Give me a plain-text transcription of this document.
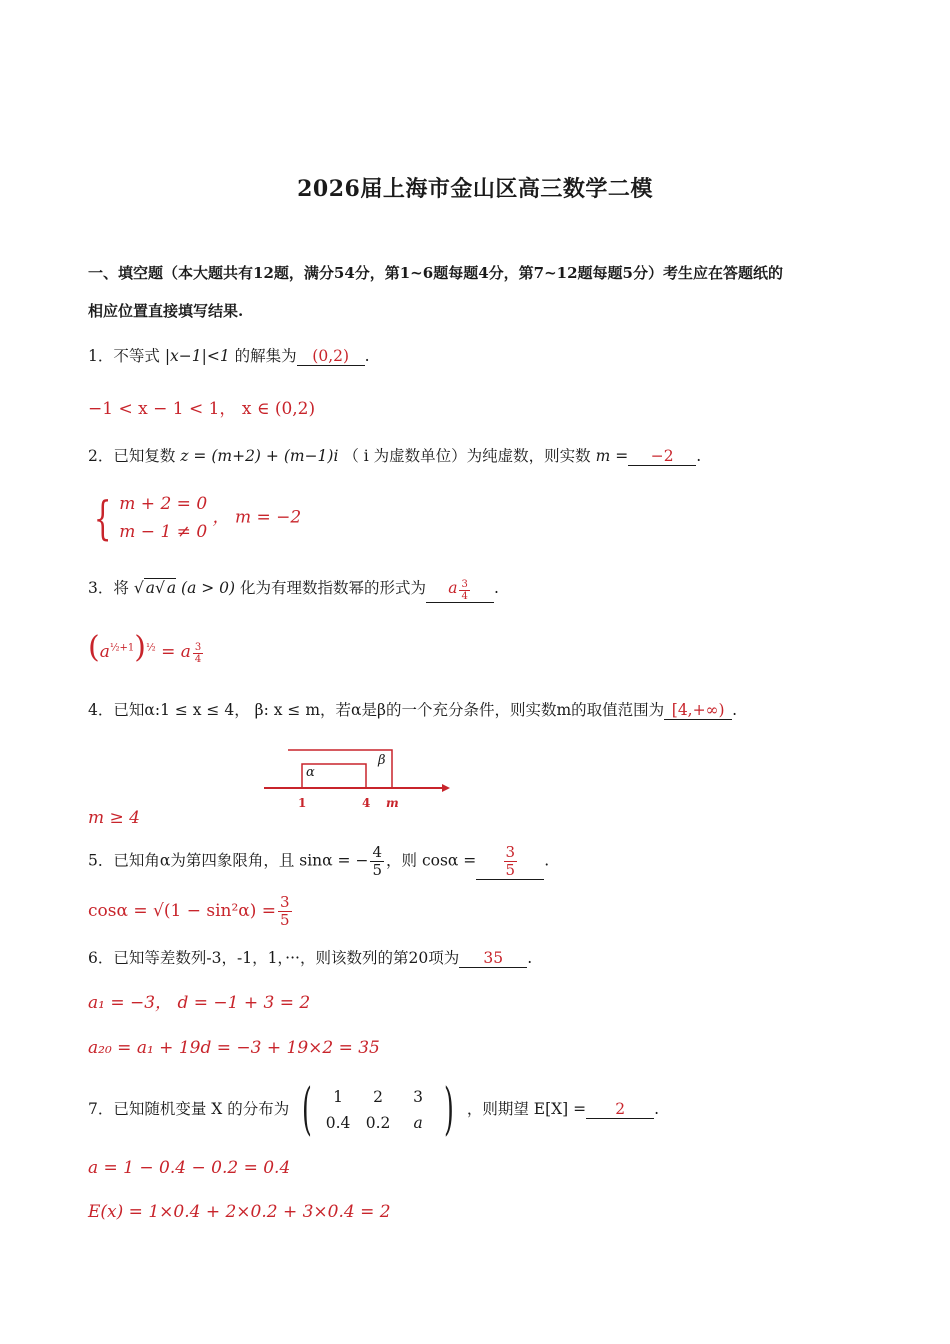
2026届上海市金山区高三数学二模
一、填空题（本大题共有12题，满分54分，第1~6题每题4分，第7~12题每题5分）考生应在答题纸的
相应位置直接填写结果.
1．不等式 |x−1|<1 的解集为 (0,2) .
−1 < x − 1 < 1， x ∈ (0,2)
2．已知复数 z = (m+2) + (m−1)i （ i 为虚数单位）为纯虚数，则实数 m = −2 .
{ m + 2 = 0
m − 1 ≠ 0
， m = −2
3．将 √ a√ a (a > 0) 化为有理数指数幂的形式为 a $\frac{3}{4}$ .
$(a^{\frac{1}{2}+1})^{\frac{1}{2}} = a \frac{3}{4}$
4．已知α:1 ≤ x ≤ 4， β: x ≤ m，若α是β的一个充分条件，则实数m的取值范围为 [4,+∞) .
α
β
1	4 m
m ≥ 4
5．已知角α为第四象限角，且 sinα = − $\frac{4}{5}$ ，则 $\cos\alpha = \frac{3}{5}$ .
$\cos\alpha = √(1 - \sin^2\alpha) = \frac{3}{5}$
6．已知等差数列-3，-1，1，···，则该数列的第20项为 35 .
a₁ = −3， d = −1 + 3 = 2
a₂₀ = a₁ + 19d = −3 + 19×2 = 35
7．已知随机变量 X 的分布为 (	1	2	3
0.4 0.2	a ) ，则期望 E[X] = 2 .
a = 1 − 0.4 − 0.2 = 0.4
E(x) = 1×0.4 + 2×0.2 + 3×0.4 = 2
